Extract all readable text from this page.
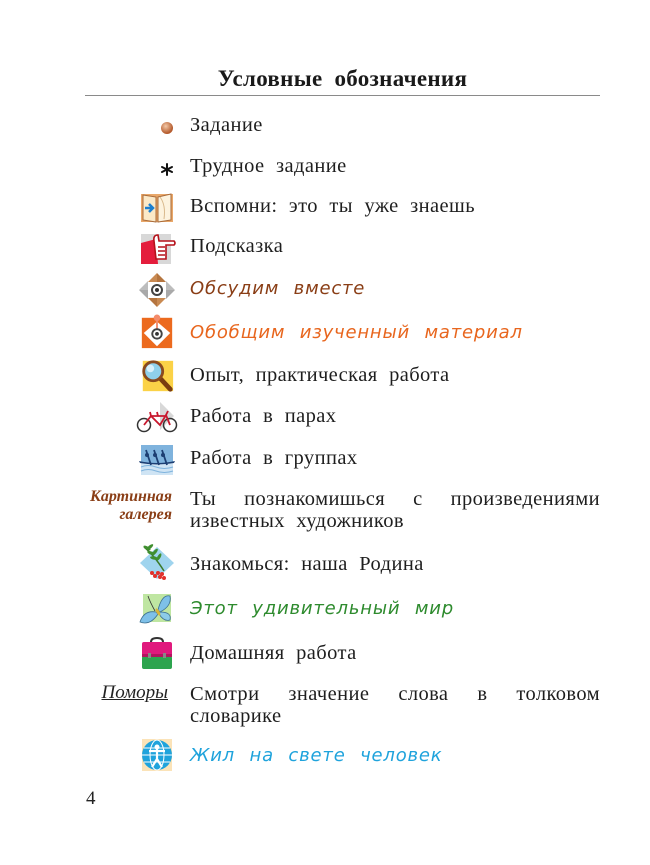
Условные обозначения
Задание
Трудное задание
Вспомни: это ты уже знаешь
Подсказка
Обсудим вместе
Обобщим изученный материал
Опыт, практическая работа
Работа в парах
Работа в группах
Картинная
галерея
Ты познакомишься с произведениями
известных художников
Знакомься: наша Родина
Этот удивительный мир
Домашняя работа
Поморы Смотри значение слова в толковом
словарике
Жил на свете человек
4
